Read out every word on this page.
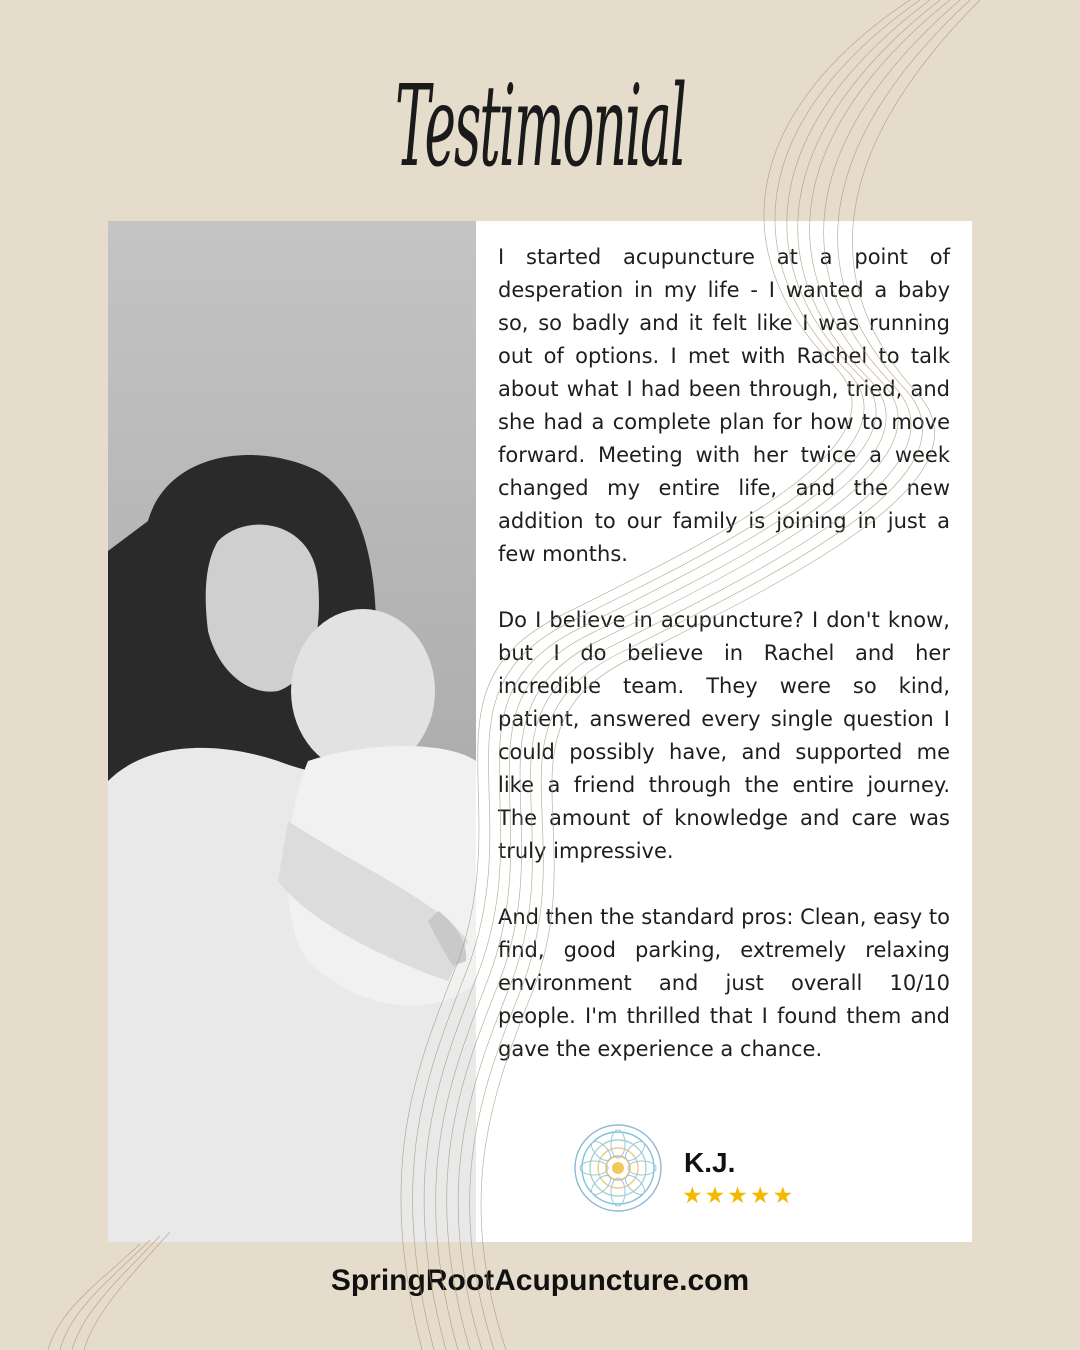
Testimonial

I started acupuncture at a point of desperation in my life - I wanted a baby so, so badly and it felt like I was running out of options. I met with Rachel to talk about what I had been through, tried, and she had a complete plan for how to move forward. Meeting with her twice a week changed my entire life, and the new addition to our family is joining in just a few months.

Do I believe in acupuncture? I don't know, but I do believe in Rachel and her incredible team. They were so kind, patient, answered every single question I could possibly have, and supported me like a friend through the entire journey. The amount of knowledge and care was truly impressive.

And then the standard pros: Clean, easy to find, good parking, extremely relaxing environment and just overall 10/10 people. I'm thrilled that I found them and gave the experience a chance.

K.J.
★★★★★
SpringRootAcupuncture.com
